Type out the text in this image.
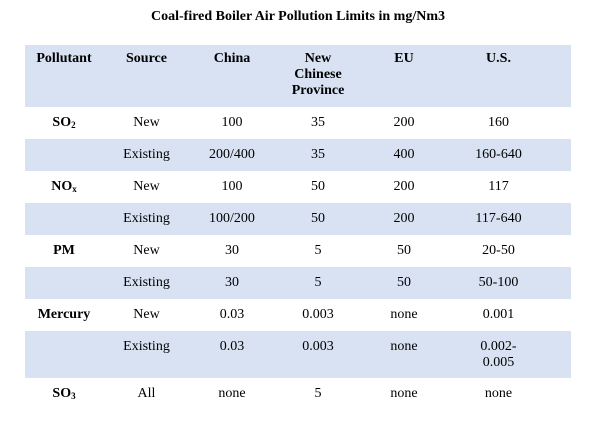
Coal-fired Boiler Air Pollution Limits in mg/Nm3
Pollutant	Source	China	New Chinese Province	EU	U.S.
$SO_2$	New	100	35	200	160
	Existing	200/400	35	400	160-640
$NO_x$	New	100	50	200	117
	Existing	100/200	50	200	117-640
PM	New	30	5	50	20-50
	Existing	30	5	50	50-100
Mercury	New	0.03	0.003	none	0.001
	Existing	0.03	0.003	none	0.002-0.005
$SO_3$	All	none	5	none	none
